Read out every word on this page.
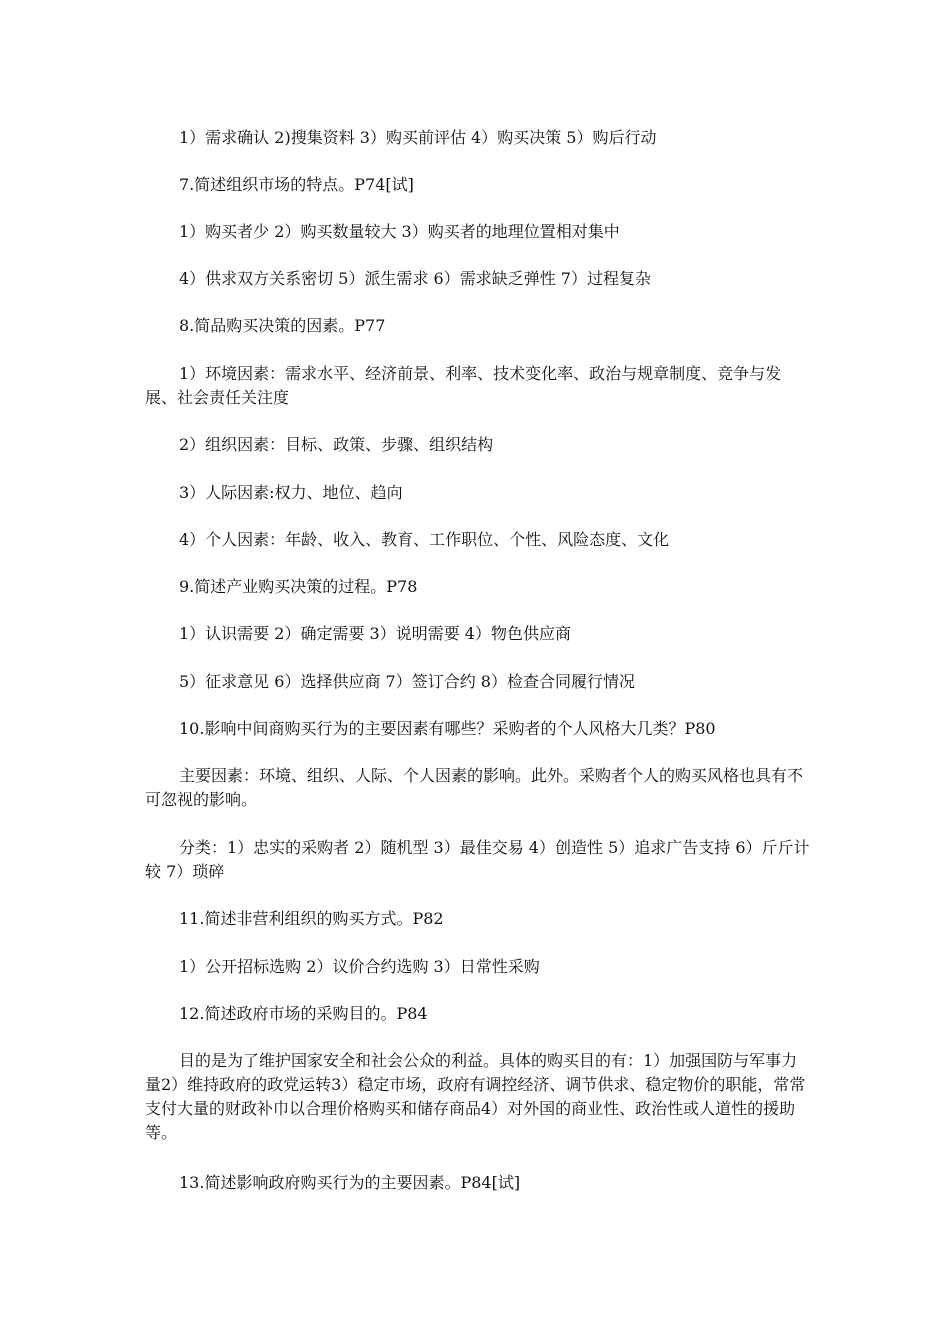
1）需求确认 2)搜集资料 3）购买前评估 4）购买决策 5）购后行动

7.简述组织市场的特点。P74[试]

1）购买者少 2）购买数量较大 3）购买者的地理位置相对集中

4）供求双方关系密切 5）派生需求 6）需求缺乏弹性 7）过程复杂

8.简品购买决策的因素。P77

1）环境因素：需求水平、经济前景、利率、技术变化率、政治与规章制度、竞争与发展、社会责任关注度

2）组织因素：目标、政策、步骤、组织结构

3）人际因素:权力、地位、趋向

4）个人因素：年龄、收入、教育、工作职位、个性、风险态度、文化

9.简述产业购买决策的过程。P78

1）认识需要 2）确定需要 3）说明需要 4）物色供应商

5）征求意见 6）选择供应商 7）签订合约 8）检查合同履行情况

10.影响中间商购买行为的主要因素有哪些？采购者的个人风格大几类？P80

主要因素：环境、组织、人际、个人因素的影响。此外。采购者个人的购买风格也具有不可忽视的影响。

分类：1）忠实的采购者 2）随机型 3）最佳交易 4）创造性 5）追求广告支持 6）斤斤计较 7）琐碎

11.简述非营利组织的购买方式。P82

1）公开招标选购 2）议价合约选购 3）日常性采购

12.简述政府市场的采购目的。P84

目的是为了维护国家安全和社会公众的利益。具体的购买目的有：1）加强国防与军事力量2）维持政府的政党运转3）稳定市场，政府有调控经济、调节供求、稳定物价的职能，常常支付大量的财政补巾以合理价格购买和储存商品4）对外国的商业性、政治性或人道性的援助等。

13.简述影响政府购买行为的主要因素。P84[试]
